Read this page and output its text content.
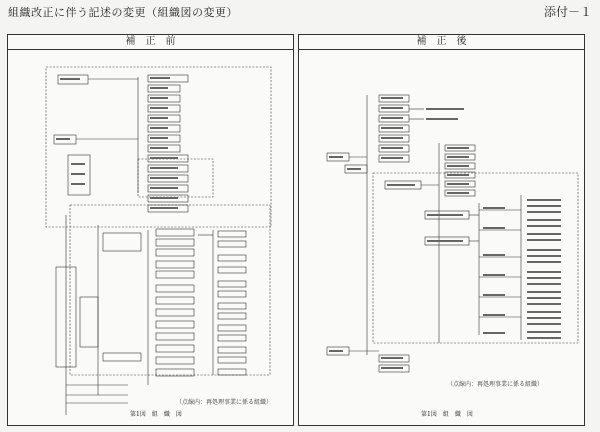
組織改正に伴う記述の変更（組織図の変更）	添付－１
補　正　前
（点線内：再処理事業に係る組織）
第1図　組　織　図
補　正　後
（点線内：再処理事業に係る組織）
第1図　組　織　図
